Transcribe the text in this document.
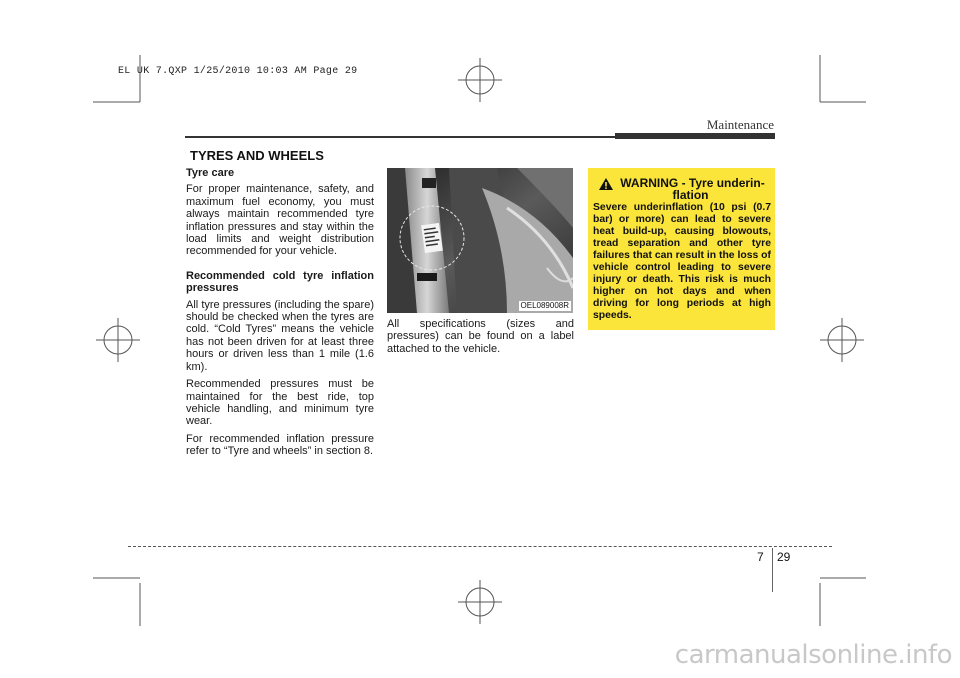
EL UK 7.QXP 1/25/2010 10:03 AM Page 29
Maintenance
TYRES AND WHEELS

Tyre care

For proper maintenance, safety, and maximum fuel economy, you must always maintain recommended tyre inflation pressures and stay within the load limits and weight distribution recommended for your vehicle.

Recommended cold tyre inflation pressures

All tyre pressures (including the spare) should be checked when the tyres are cold. “Cold Tyres” means the vehicle has not been driven for at least three hours or driven less than 1 mile (1.6 km).

Recommended pressures must be maintained for the best ride, top vehicle handling, and minimum tyre wear.

For recommended inflation pressure refer to “Tyre and wheels” in section 8.

OEL089008R
All specifications (sizes and pressures) can be found on a label attached to the vehicle.
WARNING - Tyre underin-
flation
Severe underinflation (10 psi (0.7 bar) or more) can lead to severe heat build-up, causing blowouts, tread separation and other tyre failures that can result in the loss of vehicle control leading to severe injury or death. This risk is much higher on hot days and when driving for long periods at high speeds.
7 29
carmanualsonline.info
